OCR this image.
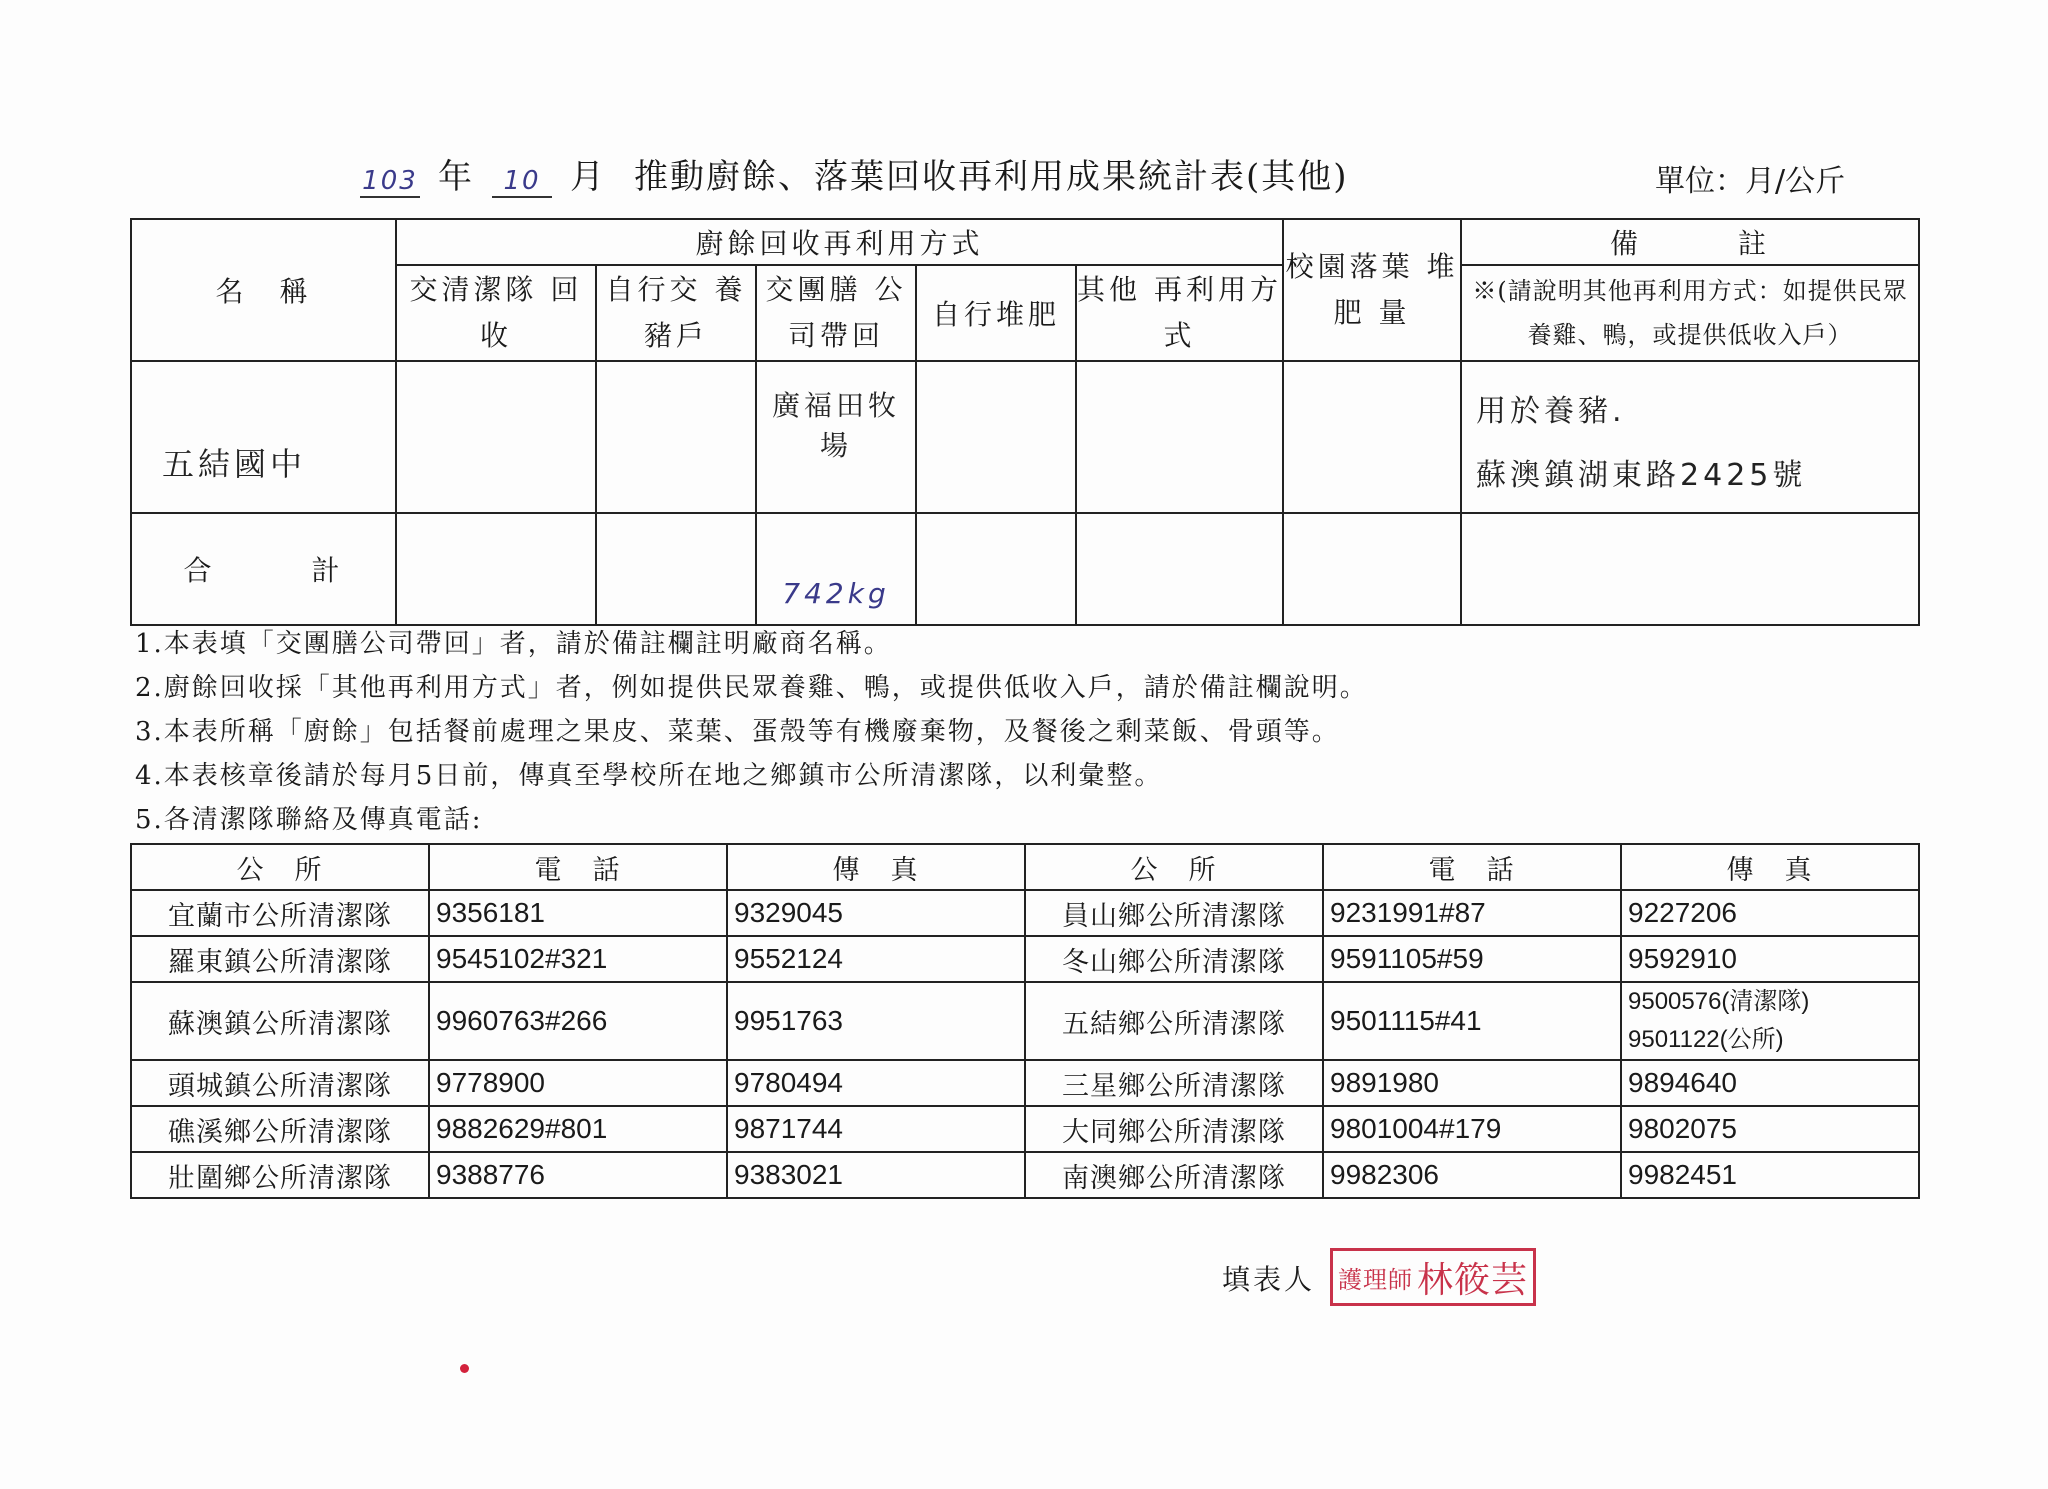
103 年	10 月 推動廚餘、落葉回收再利用成果統計表(其他)	單位：月/公斤
名　稱	廚餘回收再利用方式					校園落葉 堆 肥 量	備　　　註
	交清潔隊 回收	自行交 養豬戶	交團膳 公司帶回	自行堆肥	其他 再利用方式		※(請說明其他再利用方式：如提供民眾養雞、鴨，或提供低收入戶）
五結國中			廣福田牧場				用於養豬.
蘇澳鎮湖東路2425號

合　　　計			742kg				
1.本表填「交團膳公司帶回」者，請於備註欄註明廠商名稱。
2.廚餘回收採「其他再利用方式」者，例如提供民眾養雞、鴨，或提供低收入戶，請於備註欄說明。
3.本表所稱「廚餘」包括餐前處理之果皮、菜葉、蛋殼等有機廢棄物，及餐後之剩菜飯、骨頭等。
4.本表核章後請於每月5日前，傳真至學校所在地之鄉鎮市公所清潔隊，以利彙整。
5.各清潔隊聯絡及傳真電話:
公　所	電　話	傳　真	公　所	電　話	傳　真
宜蘭市公所清潔隊	9356181	9329045	員山鄉公所清潔隊	9231991#87	9227206
羅東鎮公所清潔隊	9545102#321	9552124	冬山鄉公所清潔隊	9591105#59	9592910
蘇澳鎮公所清潔隊	9960763#266	9951763	五結鄉公所清潔隊	9501115#41	9500576(清潔隊)
9501122(公所)

頭城鎮公所清潔隊	9778900	9780494	三星鄉公所清潔隊	9891980	9894640
礁溪鄉公所清潔隊	9882629#801	9871744	大同鄉公所清潔隊	9801004#179	9802075
壯圍鄉公所清潔隊	9388776	9383021	南澳鄉公所清潔隊	9982306	9982451
填表人 護理師 林筱芸
